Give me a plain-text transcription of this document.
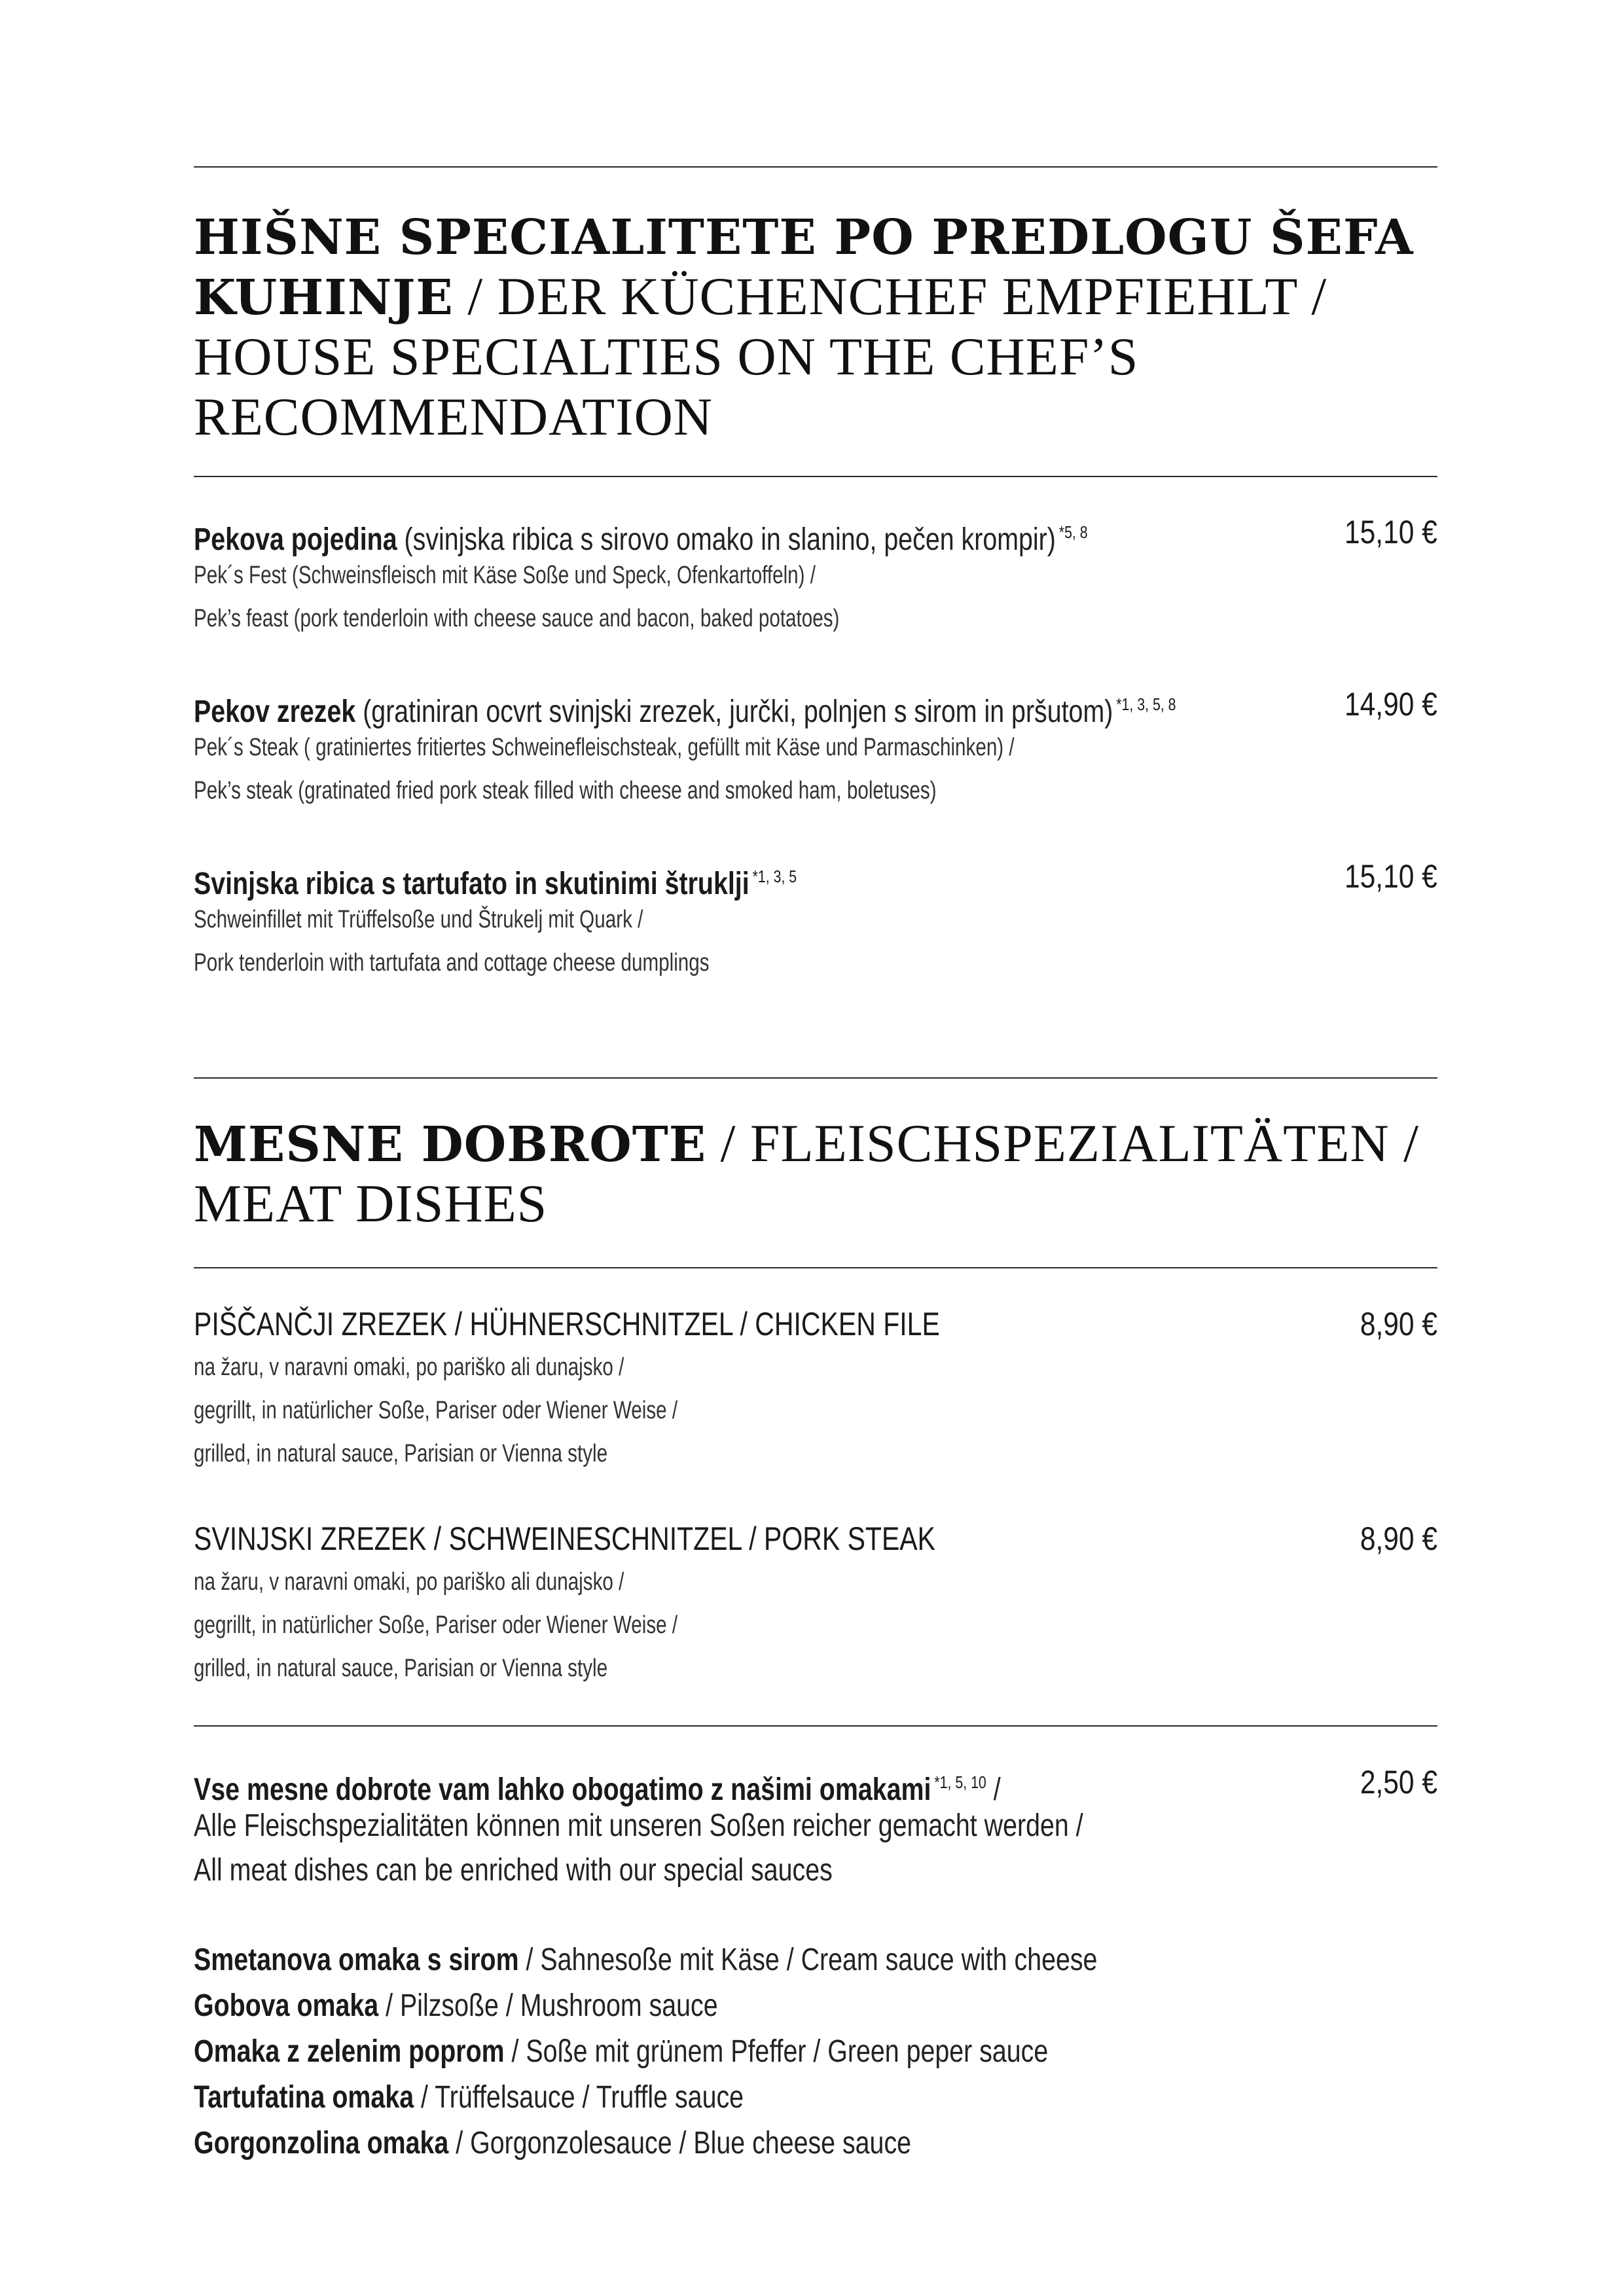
HIŠNE SPECIALITETE PO PREDLOGU ŠEFA KUHINJE / DER KÜCHENCHEF EMPFIEHLT / HOUSE SPECIALTIES ON THE CHEF’S RECOMMENDATION
Pekova pojedina (svinjska ribica s sirovo omako in slanino, pečen krompir) $^{*5, 8}$	15,10 €
Pek´s Fest (Schweinsfleisch mit Käse Soße und Speck, Ofenkartoffeln) /
Pek’s feast (pork tenderloin with cheese sauce and bacon, baked potatoes)
Pekov zrezek (gratiniran ocvrt svinjski zrezek, jurčki, polnjen s sirom in pršutom) $^{*1, 3, 5, 8}$	14,90 €
Pek´s Steak ( gratiniertes fritiertes Schweinefleischsteak, gefüllt mit Käse und Parmaschinken) /
Pek’s steak (gratinated fried pork steak filled with cheese and smoked ham, boletuses)
Svinjska ribica s tartufato in skutinimi štruklji $^{*1, 3, 5}$	15,10 €
Schweinfillet mit Trüffelsoße und Štrukelj mit Quark /
Pork tenderloin with tartufata and cottage cheese dumplings
MESNE DOBROTE / FLEISCHSPEZIALITÄTEN / MEAT DISHES
PIŠČANČJI ZREZEK / HÜHNERSCHNITZEL / CHICKEN FILE	8,90 €
na žaru, v naravni omaki, po pariško ali dunajsko /
gegrillt, in natürlicher Soße, Pariser oder Wiener Weise /
grilled, in natural sauce, Parisian or Vienna style
SVINJSKI ZREZEK / SCHWEINESCHNITZEL / PORK STEAK	8,90 €
na žaru, v naravni omaki, po pariško ali dunajsko /
gegrillt, in natürlicher Soße, Pariser oder Wiener Weise /
grilled, in natural sauce, Parisian or Vienna style
Vse mesne dobrote vam lahko obogatimo z našimi omakami $^{*1, 5, 10}$ /	2,50 €
Alle Fleischspezialitäten können mit unseren Soßen reicher gemacht werden /
All meat dishes can be enriched with our special sauces
Smetanova omaka s sirom / Sahnesoße mit Käse / Cream sauce with cheese
Gobova omaka / Pilzsoße / Mushroom sauce
Omaka z zelenim poprom / Soße mit grünem Pfeffer / Green peper sauce
Tartufatina omaka / Trüffelsauce / Truffle sauce
Gorgonzolina omaka / Gorgonzolesauce / Blue cheese sauce
